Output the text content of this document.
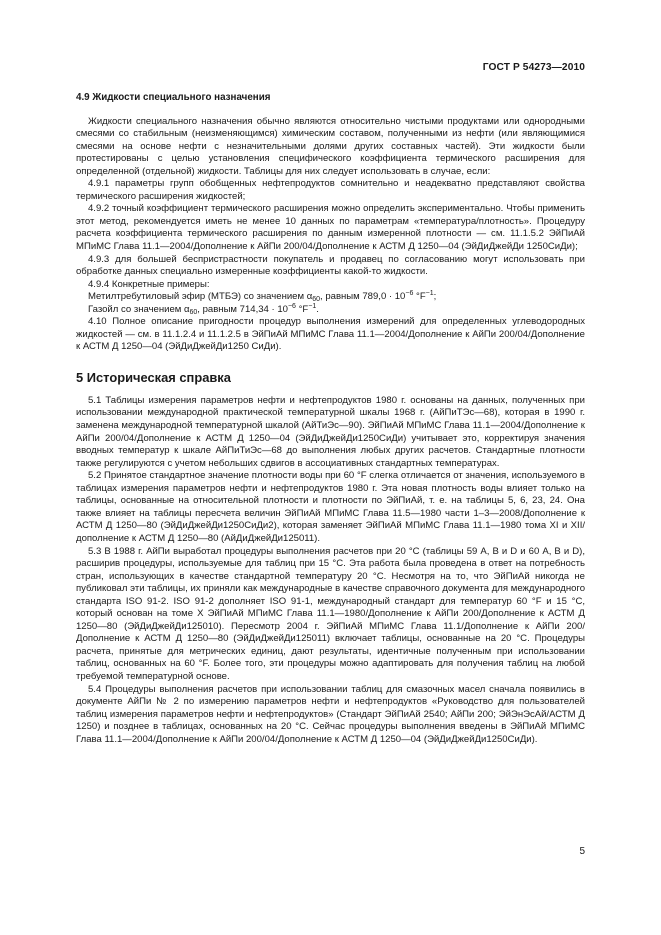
ГОСТ Р 54273—2010

4.9 Жидкости специального назначения

Жидкости специального назначения обычно являются относительно чистыми продуктами или однородными смесями со стабильным (неизменяющимся) химическим составом, полученными из нефти (или являющимися смесями на основе нефти с незначительными долями других составных частей). Эти жидкости были протестированы с целью установления специфического коэффициента термического расширения для определенной (отдельной) жидкости. Таблицы для них следует использовать в случае, если:

4.9.1 параметры групп обобщенных нефтепродуктов сомнительно и неадекватно представляют свойства термического расширения жидкостей;

4.9.2 точный коэффициент термического расширения можно определить экспериментально. Чтобы применить этот метод, рекомендуется иметь не менее 10 данных по параметрам «температура/плотность». Процедуру расчета коэффициента термического расширения по данным измеренной плотности — см. 11.1.5.2 ЭйПиАй МПиМС Глава 11.1—2004/Дополнение к АйПи 200/04/Дополнение к АСТМ Д 1250—04 (ЭйДиДжейДи 1250СиДи);

4.9.3 для большей беспристрастности покупатель и продавец по согласованию могут использовать при обработке данных специально измеренные коэффициенты какой-то жидкости.

4.9.4 Конкретные примеры:

Метилтребутиловый эфир (МТБЭ) со значением $\alpha_{60}$, равным $789,0 \cdot 10^{-6}$ $^\circ F^{-1}$;

Газойл со значением $\alpha_{60}$, равным $714,34 \cdot 10^{-6}$ $^\circ F^{-1}$.

4.10 Полное описание пригодности процедур выполнения измерений для определенных углеводородных жидкостей — см. в 11.1.2.4 и 11.1.2.5 в ЭйПиАй МПиМС Глава 11.1—2004/Дополнение к АйПи 200/04/Дополнение к АСТМ Д 1250—04 (ЭйДиДжейДи1250 СиДи).

5 Историческая справка

5.1 Таблицы измерения параметров нефти и нефтепродуктов 1980 г. основаны на данных, полученных при использовании международной практической температурной шкалы 1968 г. (АйПиТЭс—68), которая в 1990 г. заменена международной температурной шкалой (АйТиЭс—90). ЭйПиАй МПиМС Глава 11.1—2004/Дополнение к АйПи 200/04/Дополнение к АСТМ Д 1250—04 (ЭйДиДжейДи1250СиДи) учитывает это, корректируя значения вводных температур к шкале АйПиТиЭс—68 до выполнения любых других расчетов. Стандартные плотности также регулируются с учетом небольших сдвигов в ассоциативных стандартных температурах.

5.2 Принятое стандартное значение плотности воды при 60 °F слегка отличается от значения, используемого в таблицах измерения параметров нефти и нефтепродуктов 1980 г. Эта новая плотность воды влияет только на таблицы, основанные на относительной плотности и плотности по ЭйПиАй, т. е. на таблицы 5, 6, 23, 24. Она также влияет на таблицы пересчета величин ЭйПиАй МПиМС Глава 11.5—1980 части 1–3—2008/Дополнение к АСТМ Д 1250—80 (ЭйДиДжейДи1250СиДи2), которая заменяет ЭйПиАй МПиМС Глава 11.1—1980 тома XI и XII/дополнение к АСТМ Д 1250—80 (АйДиДжейДи125011).

5.3 В 1988 г. АйПи выработал процедуры выполнения расчетов при 20 °С (таблицы 59 А, В и D и 60 А, В и D), расширив процедуры, используемые для таблиц при 15 °С. Эта работа была проведена в ответ на потребность стран, использующих в качестве стандартной температуру 20 °С. Несмотря на то, что ЭйПиАй никогда не публиковал эти таблицы, их приняли как международные в качестве справочного документа для международного стандарта ISO 91-2. ISO 91-2 дополняет ISO 91-1, международный стандарт для температур 60 °F и 15 °С, который основан на томе X ЭйПиАй МПиМС Глава 11.1—1980/Дополнение к АйПи 200/Дополнение к АСТМ Д 1250—80 (ЭйДиДжейДи125010). Пересмотр 2004 г. ЭйПиАй МПиМС Глава 11.1/Дополнение к АйПи 200/Дополнение к АСТМ Д 1250—80 (ЭйДиДжейДи125011) включает таблицы, основанные на 20 °С. Процедуры расчета, принятые для метрических единиц, дают результаты, идентичные полученным при использовании таблиц, основанных на 60 °F. Более того, эти процедуры можно адаптировать для получения таблиц на любой требуемой температурной основе.

5.4 Процедуры выполнения расчетов при использовании таблиц для смазочных масел сначала появились в документе АйПи № 2 по измерению параметров нефти и нефтепродуктов «Руководство для пользователей таблиц измерения параметров нефти и нефтепродуктов» (Стандарт ЭйПиАй 2540; АйПи 200; ЭйЭнЭсАй/АСТМ Д 1250) и позднее в таблицах, основанных на 20 °С. Сейчас процедуры выполнения введены в ЭйПиАй МПиМС Глава 11.1—2004/Дополнение к АйПи 200/04/Дополнение к АСТМ Д 1250—04 (ЭйДиДжейДи1250СиДи).

5
